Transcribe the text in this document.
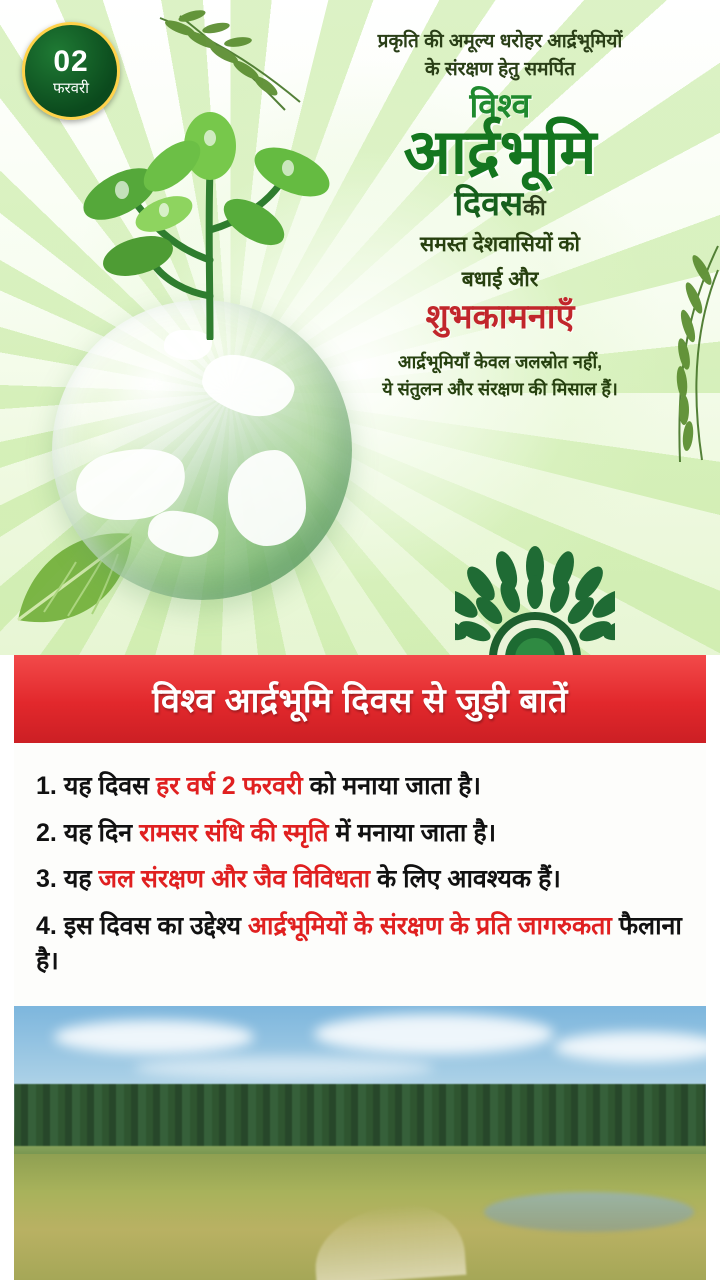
02
फरवरी
प्रकृति की अमूल्य धरोहर आर्द्रभूमियों
के संरक्षण हेतु समर्पित
विश्व
आर्द्रभूमि
दिवसकी
समस्त देशवासियों को
बधाई और
शुभकामनाएँ
आर्द्रभूमियाँ केवल जलस्रोत नहीं,
ये संतुलन और संरक्षण की मिसाल हैं।
विश्व आर्द्रभूमि दिवस से जुड़ी बातें
1. यह दिवस हर वर्ष 2 फरवरी को मनाया जाता है।
2. यह दिन रामसर संधि की स्मृति में मनाया जाता है।
3. यह जल संरक्षण और जैव विविधता के लिए आवश्यक हैं।
4. इस दिवस का उद्देश्य आर्द्रभूमियों के संरक्षण के प्रति जागरुकता फैलाना है।
